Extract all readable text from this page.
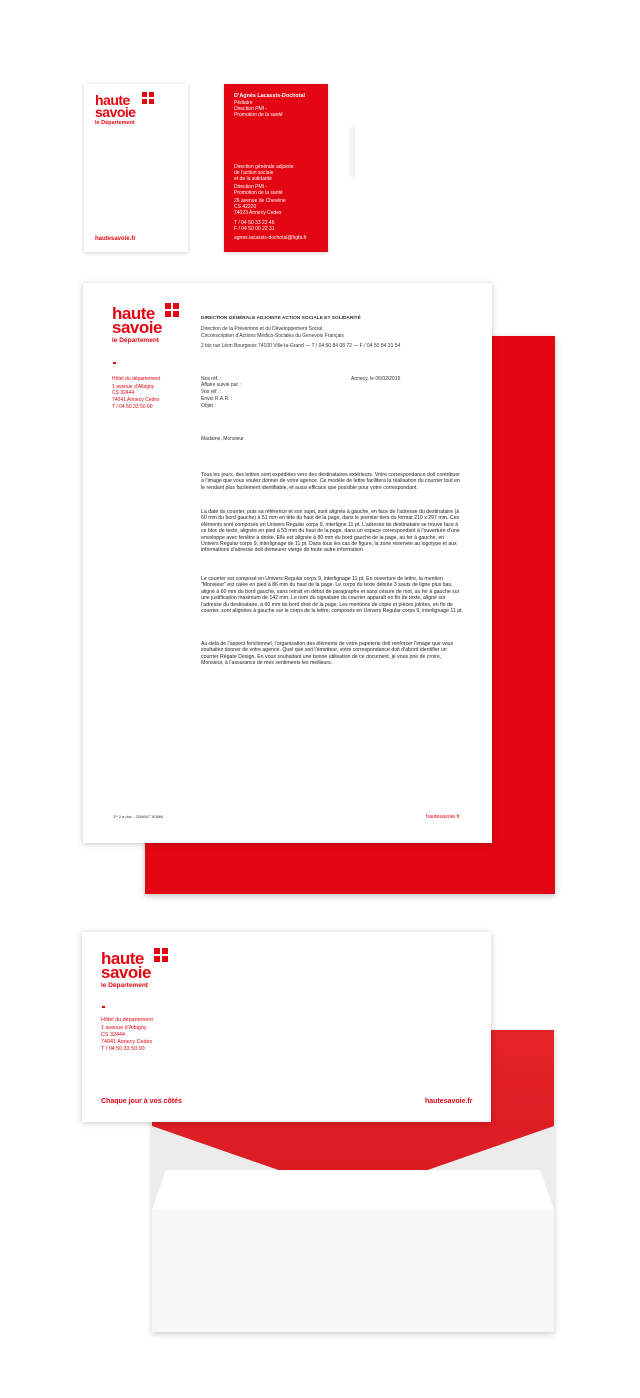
haute
savoie
le Département
hautesavoie.fr
D’Agnès Lacassis-Dochotal
Pédiatre
Direction PMI -
Promotion de la santé
Direction générale adjointe
de l’action sociale
et de la solidarité
Direction PMI -
Promotion de la santé
26 avenue de Chevène
CS 42220
74023 Annecy Cedex
T / 04 50 33 22 46
F / 04 50 00 22 31
agnes.lacassis-dochotal@hgfa.fr
haute
savoie
le Département
DIRECTION GÉNÉRALE ADJOINTE ACTION SOCIALE ET SOLIDARITÉ
Direction de la Prévention et du Développement Social
Circonscription d’Actions Médico-Sociales du Genevois Français
2 bis rue Léon Bourgeois 74100 Ville-la-Grand — T / 04 50 84 08 72 — F / 04 50 84 31 54
Hôtel du département
1 avenue d’Albigny
CS 32444
74041 Annecy Cedex
T / 04 50 33 50 00
Nos réf. :
Affaire suivie par :
Vos réf. :
Envoi R.A.R. :
Objet :
Annecy, le 06/02/2015
Madame, Monsieur
Tous les jours, des lettres sont expédiées vers des destinataires extérieurs. Votre correspondance doit contribuer à l’image que vous voulez donner de votre agence. Ce modèle de lettre facilitera la réalisation du courrier tout en le rendant plus facilement identifiable, et aussi efficace que possible pour votre correspondant.
La date du courrier, puis sa référence et son sujet, sont alignés à gauche, en face de l’adresse du destinataire (à 60 mm du bord gauche) à 51 mm en tête du haut de la page, dans le premier tiers du format 210 x 297 mm. Ces éléments sont composés en Univers Regular corps 9, interligne 11 pt. L’adresse du destinataire se trouve face à ce bloc de texte, alignée en pied à 53 mm du haut de la page, dans un espace correspondant à l’ouverture d’une enveloppe avec fenêtre à droite. Elle est alignée à 80 mm du bord gauche de la page, au fer à gauche, en Univers Regular corps 9, interlignage de 11 pt. Dans tous les cas de figure, la zone réservée au logotype et aux informations d’adresse doit demeurer vierge de toute autre information.
Le courrier est composé en Univers Regular corps 9, interlignage 11 pt. En ouverture de lettre, la mention “Monsieur” est calée en pied à 86 mm du haut de la page. Le corps du texte débute 3 sauts de ligne plus bas, aligné à 60 mm du bord gauche, sans retrait en début de paragraphe et sans césure de mot, au fer à gauche sur une justification maximum de 142 mm. Le nom du signataire du courrier apparaît en fin de texte, aligné sur l’adresse du destinataire, à 60 mm du bord droit de la page. Les mentions de copie et pièces jointes, en fin de courrier, sont alignées à gauche sur le corps de la lettre, composés en Univers Regular corps 9, interlignage 11 pt.
Au-delà de l’aspect fonctionnel, l’organisation des éléments de votre papeterie doit renforcer l’image que vous souhaitez donner de votre agence. Quel que soit l’émetteur, votre correspondance doit d’abord identifier un courrier Régate Design. En vous souhaitant une bonne utilisation de ce document, je vous prie de croire, Monsieur, à l’assurance de mes sentiments les meilleurs.
1ʳᵉ 2 a doc - 22f4667 1f0884	hautesavoie.fr
haute
savoie
le Département
Hôtel du département
1 avenue d’Albigny
CS 32444
74041 Annecy Cedex
T / 04 50 33 50 00
Chaque jour à vos côtés	hautesavoie.fr
